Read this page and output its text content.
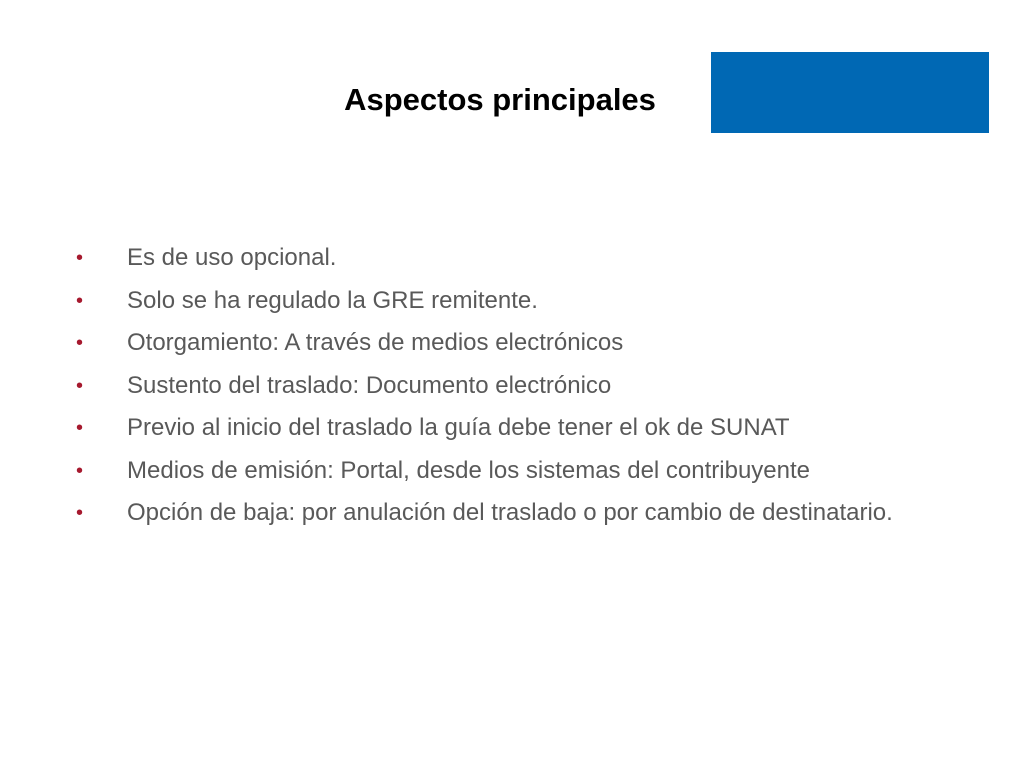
Aspectos principales
• Es de uso opcional.
• Solo se ha regulado la GRE remitente.
• Otorgamiento: A través de medios electrónicos
• Sustento del traslado: Documento electrónico
• Previo al inicio del traslado la guía debe tener el ok de SUNAT
• Medios de emisión: Portal, desde los sistemas del contribuyente
• Opción de baja: por anulación del traslado o por cambio de destinatario.
